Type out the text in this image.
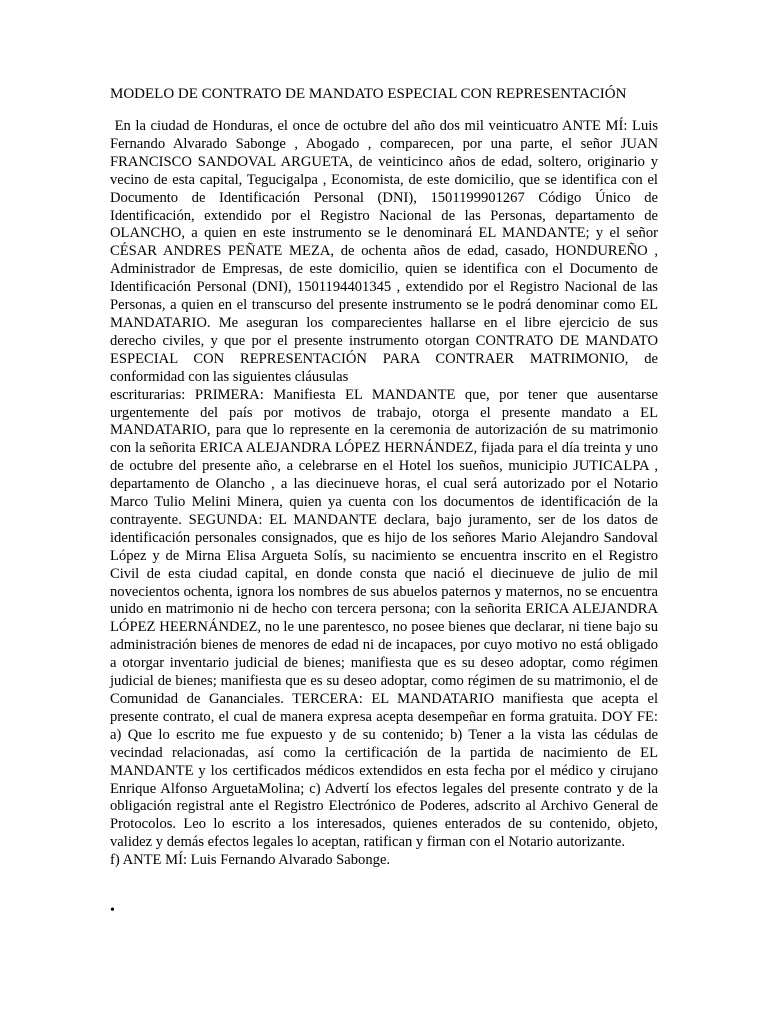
MODELO DE CONTRATO DE MANDATO ESPECIAL CON REPRESENTACIÓN

En la ciudad de Honduras, el once de octubre del año dos mil veinticuatro ANTE MÍ: Luis Fernando Alvarado Sabonge , Abogado , comparecen, por una parte, el señor JUAN FRANCISCO SANDOVAL ARGUETA, de veinticinco años de edad, soltero, originario y vecino de esta capital, Tegucigalpa , Economista, de este domicilio, que se identifica con el Documento de Identificación Personal (DNI), 1501199901267 Código Único de Identificación, extendido por el Registro Nacional de las Personas, departamento de OLANCHO, a quien en este instrumento se le denominará EL MANDANTE; y el señor CÉSAR ANDRES PEÑATE MEZA, de ochenta años de edad, casado, HONDUREÑO , Administrador de Empresas, de este domicilio, quien se identifica con el Documento de Identificación Personal (DNI), 1501194401345 , extendido por el Registro Nacional de las Personas, a quien en el transcurso del presente instrumento se le podrá denominar como EL MANDATARIO. Me aseguran los comparecientes hallarse en el libre ejercicio de sus derecho civiles, y que por el presente instrumento otorgan CONTRATO DE MANDATO ESPECIAL CON REPRESENTACIÓN PARA CONTRAER MATRIMONIO, de conformidad con las siguientes cláusulas

escriturarias: PRIMERA: Manifiesta EL MANDANTE que, por tener que ausentarse urgentemente del país por motivos de trabajo, otorga el presente mandato a EL MANDATARIO, para que lo represente en la ceremonia de autorización de su matrimonio con la señorita ERICA ALEJANDRA LÓPEZ HERNÁNDEZ, fijada para el día treinta y uno de octubre del presente año, a celebrarse en el Hotel los sueños, municipio JUTICALPA , departamento de Olancho , a las diecinueve horas, el cual será autorizado por el Notario Marco Tulio Melini Minera, quien ya cuenta con los documentos de identificación de la contrayente. SEGUNDA: EL MANDANTE declara, bajo juramento, ser de los datos de identificación personales consignados, que es hijo de los señores Mario Alejandro Sandoval López y de Mirna Elisa Argueta Solís, su nacimiento se encuentra inscrito en el Registro Civil de esta ciudad capital, en donde consta que nació el diecinueve de julio de mil novecientos ochenta, ignora los nombres de sus abuelos paternos y maternos, no se encuentra unido en matrimonio ni de hecho con tercera persona; con la señorita ERICA ALEJANDRA LÓPEZ HEERNÁNDEZ, no le une parentesco, no posee bienes que declarar, ni tiene bajo su administración bienes de menores de edad ni de incapaces, por cuyo motivo no está obligado a otorgar inventario judicial de bienes; manifiesta que es su deseo adoptar, como régimen judicial de bienes; manifiesta que es su deseo adoptar, como régimen de su matrimonio, el de Comunidad de Gananciales. TERCERA: EL MANDATARIO manifiesta que acepta el presente contrato, el cual de manera expresa acepta desempeñar en forma gratuita. DOY FE: a) Que lo escrito me fue expuesto y de su contenido; b) Tener a la vista las cédulas de vecindad relacionadas, así como la certificación de la partida de nacimiento de EL MANDANTE y los certificados médicos extendidos en esta fecha por el médico y cirujano Enrique Alfonso ArguetaMolina; c) Advertí los efectos legales del presente contrato y de la obligación registral ante el Registro Electrónico de Poderes, adscrito al Archivo General de Protocolos. Leo lo escrito a los interesados, quienes enterados de su contenido, objeto, validez y demás efectos legales lo aceptan, ratifican y firman con el Notario autorizante.

f) ANTE MÍ: Luis Fernando Alvarado Sabonge.

•
